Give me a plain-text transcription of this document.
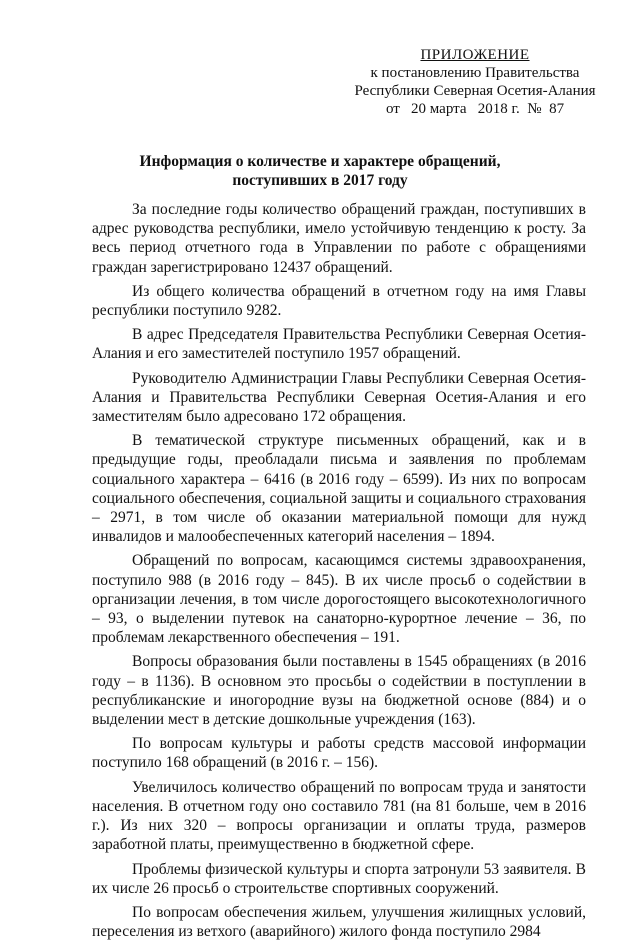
ПРИЛОЖЕНИЕ
к постановлению Правительства
Республики Северная Осетия-Алания
от   20 марта   2018 г.  №  87
Информация о количестве и характере обращений,
поступивших в 2017 году

За последние годы количество обращений граждан, поступивших в адрес руководства республики, имело устойчивую тенденцию к росту. За весь период отчетного года в Управлении по работе с обращениями граждан зарегистрировано 12437 обращений.

Из общего количества обращений в отчетном году на имя Главы республики поступило 9282.

В адрес Председателя Правительства Республики Северная Осетия-Алания и его заместителей поступило 1957 обращений.

Руководителю Администрации Главы Республики Северная Осетия-Алания и Правительства Республики Северная Осетия-Алания и его заместителям было адресовано 172 обращения.

В тематической структуре письменных обращений, как и в предыдущие годы, преобладали письма и заявления по проблемам социального характера – 6416 (в 2016 году – 6599). Из них по вопросам социального обеспечения, социальной защиты и социального страхования – 2971, в том числе об оказании материальной помощи для нужд инвалидов и малообеспеченных категорий населения – 1894.

Обращений по вопросам, касающимся системы здравоохранения, поступило 988 (в 2016 году – 845). В их числе просьб о содействии в организации лечения, в том числе дорогостоящего высокотехнологичного – 93, о выделении путевок на санаторно-курортное лечение – 36, по проблемам лекарственного обеспечения – 191.

Вопросы образования были поставлены в 1545 обращениях (в 2016 году – в 1136). В основном это просьбы о содействии в поступлении в республиканские и иногородние вузы на бюджетной основе (884) и о выделении мест в детские дошкольные учреждения (163).

По вопросам культуры и работы средств массовой информации поступило 168 обращений (в 2016 г. – 156).

Увеличилось количество обращений по вопросам труда и занятости населения. В отчетном году оно составило 781 (на 81 больше, чем в 2016 г.). Из них 320 – вопросы организации и оплаты труда, размеров заработной платы, преимущественно в бюджетной сфере.

Проблемы физической культуры и спорта затронули 53 заявителя. В их числе 26 просьб о строительстве спортивных сооружений.

По вопросам обеспечения жильем, улучшения жилищных условий, переселения из ветхого (аварийного) жилого фонда поступило 2984
